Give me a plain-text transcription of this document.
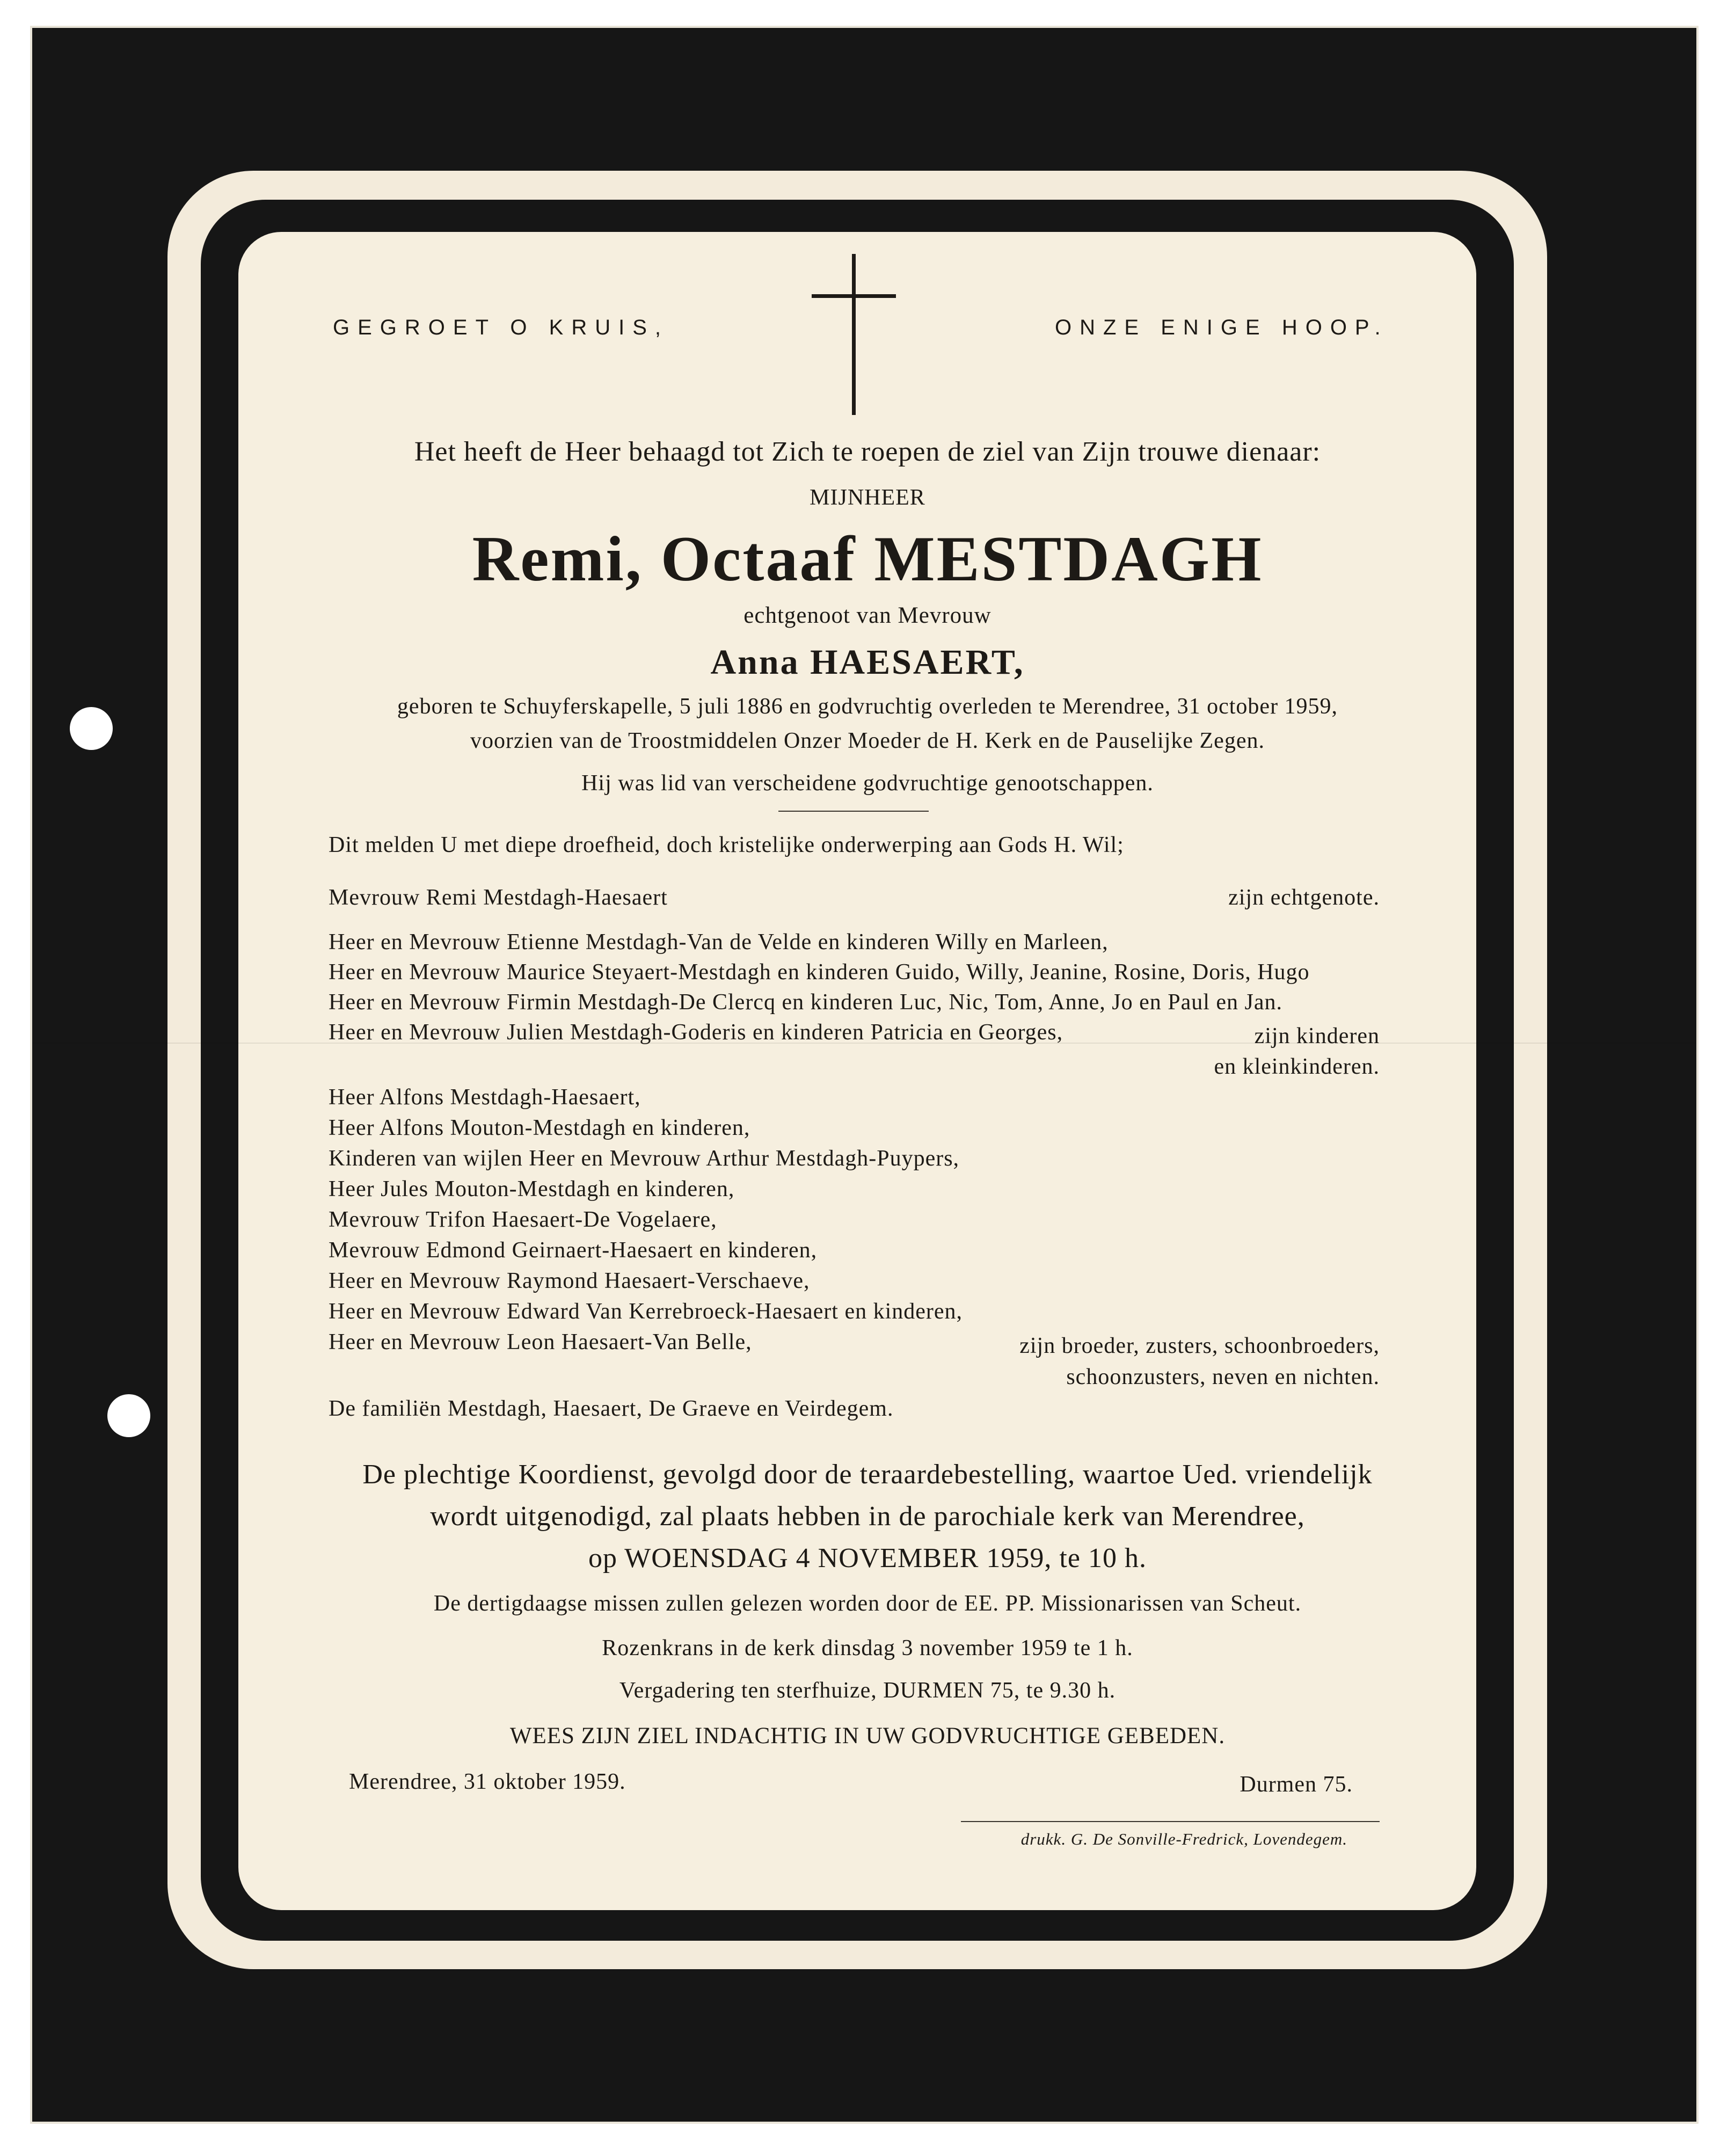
GEGROET O KRUIS,	ONZE ENIGE HOOP.

Het heeft de Heer behaagd tot Zich te roepen de ziel van Zijn trouwe dienaar:

MIJNHEER

Remi, Octaaf MESTDAGH

echtgenoot van Mevrouw

Anna HAESAERT,

geboren te Schuyferskapelle, 5 juli 1886 en godvruchtig overleden te Merendree, 31 october 1959,

voorzien van de Troostmiddelen Onzer Moeder de H. Kerk en de Pauselijke Zegen.

Hij was lid van verscheidene godvruchtige genootschappen.

Dit melden U met diepe droefheid, doch kristelijke onderwerping aan Gods H. Wil;

Mevrouw Remi Mestdagh-Haesaert	zijn echtgenote.

Heer en Mevrouw Etienne Mestdagh-Van de Velde en kinderen Willy en Marleen,

Heer en Mevrouw Maurice Steyaert-Mestdagh en kinderen Guido, Willy, Jeanine, Rosine, Doris, Hugo

Heer en Mevrouw Firmin Mestdagh-De Clercq en kinderen Luc, Nic, Tom, Anne, Jo en Paul en Jan.

Heer en Mevrouw Julien Mestdagh-Goderis en kinderen Patricia en Georges,	zijn kinderen

en kleinkinderen.

Heer Alfons Mestdagh-Haesaert,

Heer Alfons Mouton-Mestdagh en kinderen,

Kinderen van wijlen Heer en Mevrouw Arthur Mestdagh-Puypers,

Heer Jules Mouton-Mestdagh en kinderen,

Mevrouw Trifon Haesaert-De Vogelaere,

Mevrouw Edmond Geirnaert-Haesaert en kinderen,

Heer en Mevrouw Raymond Haesaert-Verschaeve,

Heer en Mevrouw Edward Van Kerrebroeck-Haesaert en kinderen,

Heer en Mevrouw Leon Haesaert-Van Belle,	zijn broeder, zusters, schoonbroeders,

schoonzusters, neven en nichten.

De familiën Mestdagh, Haesaert, De Graeve en Veirdegem.

De plechtige Koordienst, gevolgd door de teraardebestelling, waartoe Ued. vriendelijk

wordt uitgenodigd, zal plaats hebben in de parochiale kerk van Merendree,

op WOENSDAG 4 NOVEMBER 1959, te 10 h.

De dertigdaagse missen zullen gelezen worden door de EE. PP. Missionarissen van Scheut.

Rozenkrans in de kerk dinsdag 3 november 1959 te 1 h.

Vergadering ten sterfhuize, DURMEN 75, te 9.30 h.

WEES ZIJN ZIEL INDACHTIG IN UW GODVRUCHTIGE GEBEDEN.

Merendree, 31 oktober 1959.	Durmen 75.

drukk. G. De Sonville-Fredrick, Lovendegem.
